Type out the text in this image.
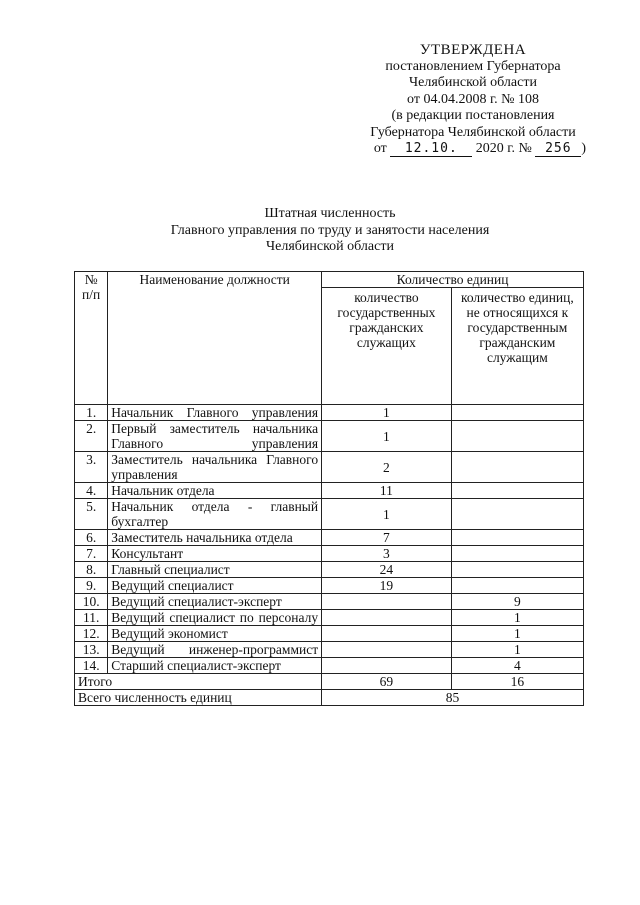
УТВЕРЖДЕНА
постановлением Губернатора
Челябинской области
от 04.04.2008 г. № 108
(в редакции постановления
Губернатора Челябинской области
от 12.10. 2020 г. № 256 )
Штатная численность
Главного управления по труду и занятости населения
Челябинской области
№
п/п	Наименование должности	Количество единиц	
		количество государственных гражданских служащих	количество единиц, не относящихся к государственным гражданским служащим
1.	Начальник Главного управления	1	
2.	Первый заместитель начальника Главного управления	1	
3.	Заместитель начальника Главного управления	2	
4.	Начальник отдела	11	
5.	Начальник отдела - главный бухгалтер	1	
6.	Заместитель начальника отдела	7	
7.	Консультант	3	
8.	Главный специалист	24	
9.	Ведущий специалист	19	
10.	Ведущий специалист-эксперт		9
11.	Ведущий специалист по персоналу		1
12.	Ведущий экономист		1
13.	Ведущий инженер-программист		1
14.	Старший специалист-эксперт		4
Итого		69	16
Всего численность единиц		85	
